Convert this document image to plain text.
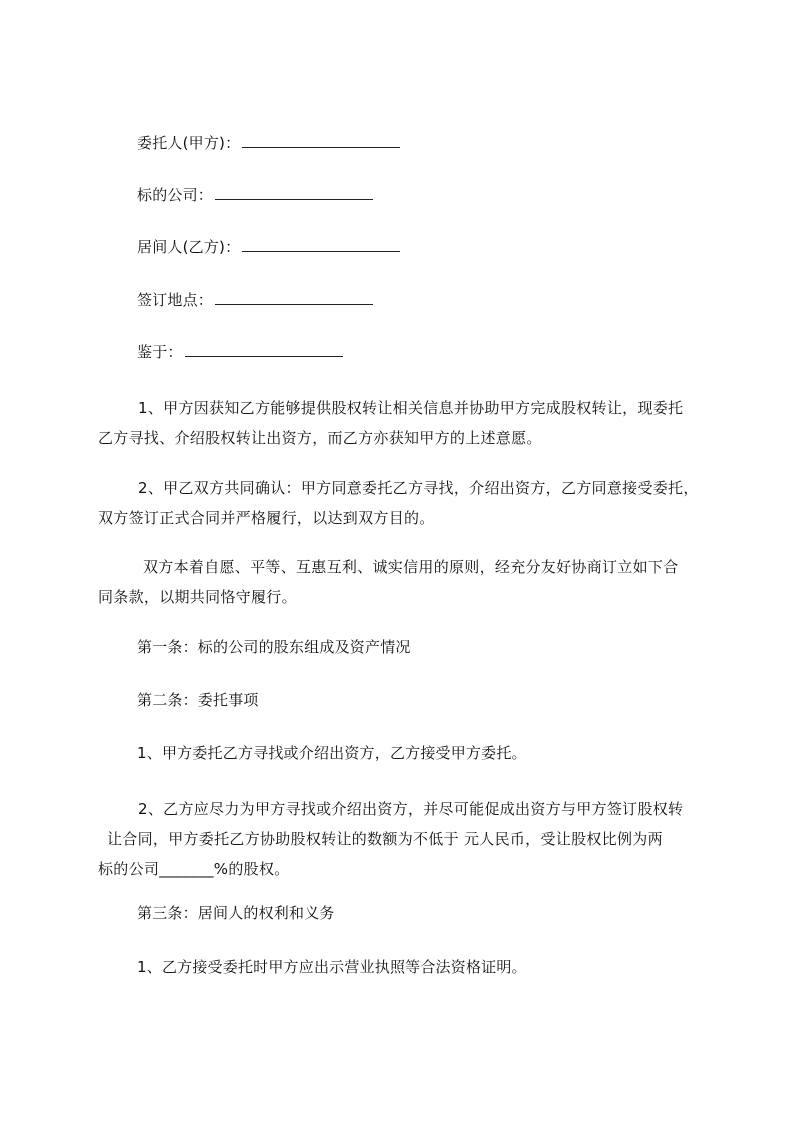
委托人(甲方)：
标的公司：
居间人(乙方)：
签订地点：
鉴于：
1、甲方因获知乙方能够提供股权转让相关信息并协助甲方完成股权转让，现委托
乙方寻找、介绍股权转让出资方，而乙方亦获知甲方的上述意愿。
2、甲乙双方共同确认：甲方同意委托乙方寻找，介绍出资方，乙方同意接受委托，
双方签订正式合同并严格履行，以达到双方目的。
双方本着自愿、平等、互惠互利、诚实信用的原则，经充分友好协商订立如下合
同条款，以期共同恪守履行。
第一条：标的公司的股东组成及资产情况
第二条：委托事项
1、甲方委托乙方寻找或介绍出资方，乙方接受甲方委托。
2、乙方应尽力为甲方寻找或介绍出资方，并尽可能促成出资方与甲方签订股权转
让合同，甲方委托乙方协助股权转让的数额为不低于 元人民币，受让股权比例为两
标的公司_______%的股权。
第三条：居间人的权利和义务
1、乙方接受委托时甲方应出示营业执照等合法资格证明。
